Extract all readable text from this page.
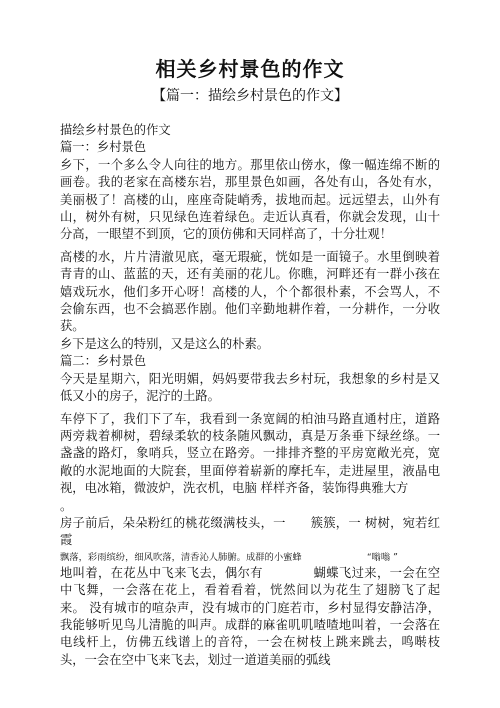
相关乡村景色的作文
【篇一：描绘乡村景色的作文】

描绘乡村景色的作文

篇一：乡村景色

乡下，一个多么令人向往的地方。那里依山傍水，像一幅连绵不断的画卷。我的老家在高楼东岩，那里景色如画，各处有山，各处有水，美丽极了！高楼的山，座座奇陡峭秀，拔地而起。远远望去，山外有山，树外有树，只见绿色连着绿色。走近认真看，你就会发现，山十分高，一眼望不到顶，它的顶仿佛和天同样高了，十分壮观！

高楼的水，片片清澈见底，毫无瑕疵，恍如是一面镜子。水里倒映着青青的山、蓝蓝的天，还有美丽的花儿。你瞧，河畔还有一群小孩在嬉戏玩水，他们多开心呀！高楼的人，个个都很朴素，不会骂人，不会偷东西，也不会搞恶作剧。他们辛勤地耕作着，一分耕作，一分收获。

乡下是这么的特别，又是这么的朴素。

篇二：乡村景色

今天是星期六，阳光明媚，妈妈要带我去乡村玩，我想象的乡村是又低又小的房子，泥泞的土路。

车停下了，我们下了车，我看到一条宽阔的柏油马路直通村庄，道路两旁栽着柳树，碧绿柔软的枝条随风飘动，真是万条垂下绿丝绦。一盏盏的路灯，象哨兵，竖立在路旁。一排排齐整的平房宽敞光亮，宽敞的水泥地面的大院套，里面停着崭新的摩托车，走进屋里，液晶电视，电冰箱，微波炉，洗衣机，电脑 样样齐备，装饰得典雅大方

。

房子前后，朵朵粉红的桃花缀满枝头，一　　簇簇，一 树树，宛若红霞

飘落，彩雨缤纷，细风吹落，清香沁人肺腑。成群的小蜜蜂　　　　　　　“嗡嗡 ”

地叫着，在花丛中飞来飞去，偶尔有　　　　蝴蝶飞过来，一会在空中飞舞，一会落在花上，看着看着，恍然间以为花生了翅膀飞了起来。 没有城市的喧杂声，没有城市的门庭若市，乡村显得安静洁净，我能够听见鸟儿清脆的叫声。成群的麻雀叽叽喳喳地叫着，一会落在电线杆上，仿佛五线谱上的音符，一会在树枝上跳来跳去，鸣啭枝头，一会在空中飞来飞去，划过一道道美丽的弧线
